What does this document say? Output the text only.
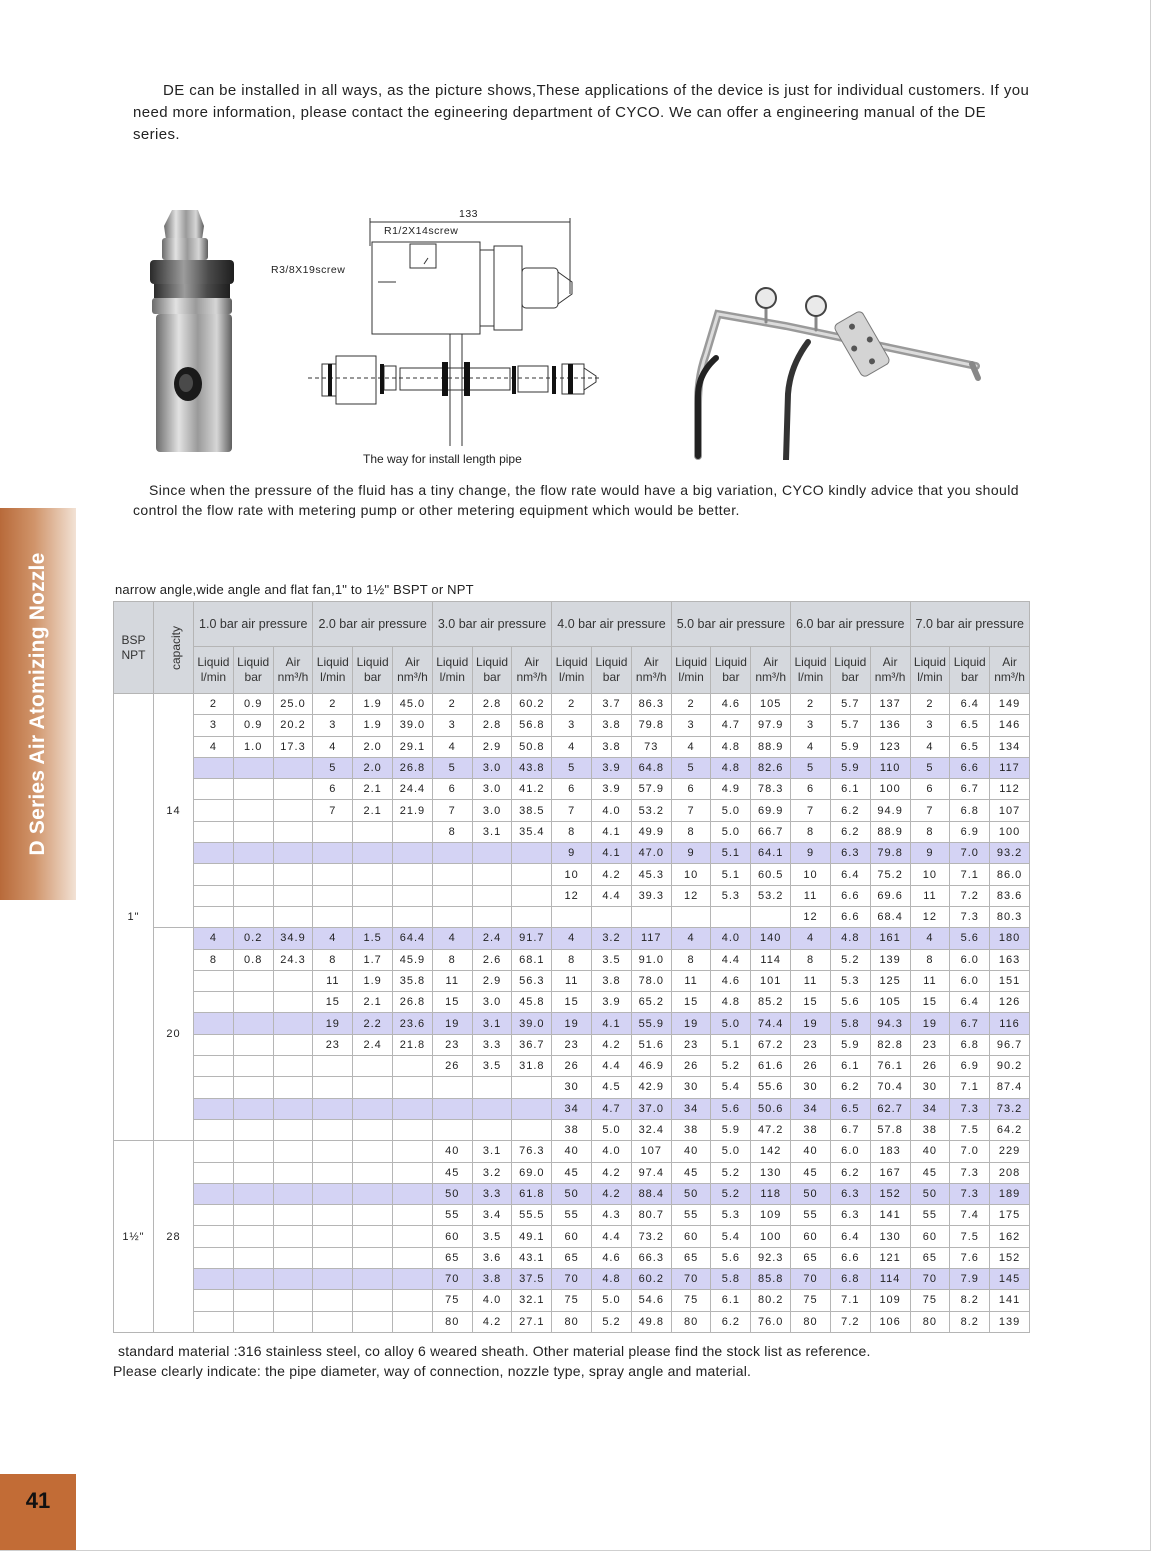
DE can be installed in all ways, as the picture shows,These applications of the device is just for individual customers. If you need more information, please contact the egineering department of CYCO. We can offer a engineering manual of the DE series.
133
R1/2X14screw
R3/8X19screw
The way for install length pipe
Since when the pressure of the fluid has a tiny change, the flow rate would have a big variation, CYCO kindly advice that you should control the flow rate with metering pump or other metering equipment which would be better.
D Series Air Atomizing Nozzle	narrow angle,wide angle and flat fan,1" to 1½" BSPT or NPT
BSP NPT	capacity	1.0 bar air pressure			2.0 bar air pressure			3.0 bar air pressure			4.0 bar air pressure			5.0 bar air pressure			6.0 bar air pressure			7.0 bar air pressure		
		Liquid l/min	Liquid bar	Air nm³/h	Liquid l/min	Liquid bar	Air nm³/h	Liquid l/min	Liquid bar	Air nm³/h	Liquid l/min	Liquid bar	Air nm³/h	Liquid l/min	Liquid bar	Air nm³/h	Liquid l/min	Liquid bar	Air nm³/h	Liquid l/min	Liquid bar	Air nm³/h
1"	14	2	0.9	25.0	2	1.9	45.0	2	2.8	60.2	2	3.7	86.3	2	4.6	105	2	5.7	137	2	6.4	149
		3	0.9	20.2	3	1.9	39.0	3	2.8	56.8	3	3.8	79.8	3	4.7	97.9	3	5.7	136	3	6.5	146
		4	1.0	17.3	4	2.0	29.1	4	2.9	50.8	4	3.8	73	4	4.8	88.9	4	5.9	123	4	6.5	134
					5	2.0	26.8	5	3.0	43.8	5	3.9	64.8	5	4.8	82.6	5	5.9	110	5	6.6	117
					6	2.1	24.4	6	3.0	41.2	6	3.9	57.9	6	4.9	78.3	6	6.1	100	6	6.7	112
					7	2.1	21.9	7	3.0	38.5	7	4.0	53.2	7	5.0	69.9	7	6.2	94.9	7	6.8	107
								8	3.1	35.4	8	4.1	49.9	8	5.0	66.7	8	6.2	88.9	8	6.9	100
											9	4.1	47.0	9	5.1	64.1	9	6.3	79.8	9	7.0	93.2
											10	4.2	45.3	10	5.1	60.5	10	6.4	75.2	10	7.1	86.0
											12	4.4	39.3	12	5.3	53.2	11	6.6	69.6	11	7.2	83.6
																	12	6.6	68.4	12	7.3	80.3
	20	4	0.2	34.9	4	1.5	64.4	4	2.4	91.7	4	3.2	117	4	4.0	140	4	4.8	161	4	5.6	180
		8	0.8	24.3	8	1.7	45.9	8	2.6	68.1	8	3.5	91.0	8	4.4	114	8	5.2	139	8	6.0	163
					11	1.9	35.8	11	2.9	56.3	11	3.8	78.0	11	4.6	101	11	5.3	125	11	6.0	151
					15	2.1	26.8	15	3.0	45.8	15	3.9	65.2	15	4.8	85.2	15	5.6	105	15	6.4	126
					19	2.2	23.6	19	3.1	39.0	19	4.1	55.9	19	5.0	74.4	19	5.8	94.3	19	6.7	116
					23	2.4	21.8	23	3.3	36.7	23	4.2	51.6	23	5.1	67.2	23	5.9	82.8	23	6.8	96.7
								26	3.5	31.8	26	4.4	46.9	26	5.2	61.6	26	6.1	76.1	26	6.9	90.2
											30	4.5	42.9	30	5.4	55.6	30	6.2	70.4	30	7.1	87.4
											34	4.7	37.0	34	5.6	50.6	34	6.5	62.7	34	7.3	73.2
											38	5.0	32.4	38	5.9	47.2	38	6.7	57.8	38	7.5	64.2
1½"	28							40	3.1	76.3	40	4.0	107	40	5.0	142	40	6.0	183	40	7.0	229
								45	3.2	69.0	45	4.2	97.4	45	5.2	130	45	6.2	167	45	7.3	208
								50	3.3	61.8	50	4.2	88.4	50	5.2	118	50	6.3	152	50	7.3	189
								55	3.4	55.5	55	4.3	80.7	55	5.3	109	55	6.3	141	55	7.4	175
								60	3.5	49.1	60	4.4	73.2	60	5.4	100	60	6.4	130	60	7.5	162
								65	3.6	43.1	65	4.6	66.3	65	5.6	92.3	65	6.6	121	65	7.6	152
								70	3.8	37.5	70	4.8	60.2	70	5.8	85.8	70	6.8	114	70	7.9	145
								75	4.0	32.1	75	5.0	54.6	75	6.1	80.2	75	7.1	109	75	8.2	141
								80	4.2	27.1	80	5.2	49.8	80	6.2	76.0	80	7.2	106	80	8.2	139
standard material :316 stainless steel, co alloy 6 weared sheath. Other material please find the stock list as reference.
Please clearly indicate: the pipe diameter, way of connection, nozzle type, spray angle and material.
41
